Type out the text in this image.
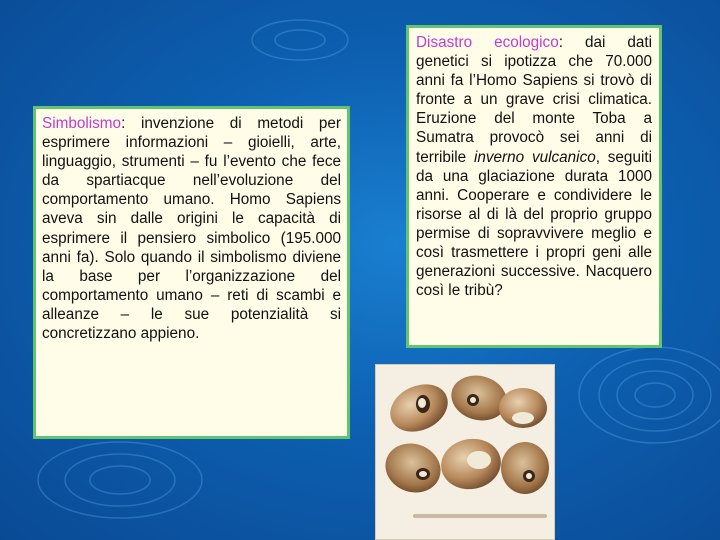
Simbolismo: invenzione di metodi per esprimere informazioni – gioielli, arte, linguaggio, strumenti – fu l’evento che fece da spartiacque nell’evoluzione del comportamento umano. Homo Sapiens aveva sin dalle origini le capacità di esprimere il pensiero simbolico (195.000 anni fa). Solo quando il simbolismo diviene la base per l’organizzazione del comportamento umano – reti di scambi e alleanze – le sue potenzialità si concretizzano appieno.
Disastro ecologico: dai dati genetici si ipotizza che 70.000 anni fa l’Homo Sapiens si trovò di fronte a un grave crisi climatica. Eruzione del monte Toba a Sumatra provocò sei anni di terribile inverno vulcanico, seguiti da una glaciazione durata 1000 anni. Cooperare e condividere le risorse al di là del proprio gruppo permise di sopravvivere meglio e così trasmettere i propri geni alle generazioni successive. Nacquero così le tribù?
